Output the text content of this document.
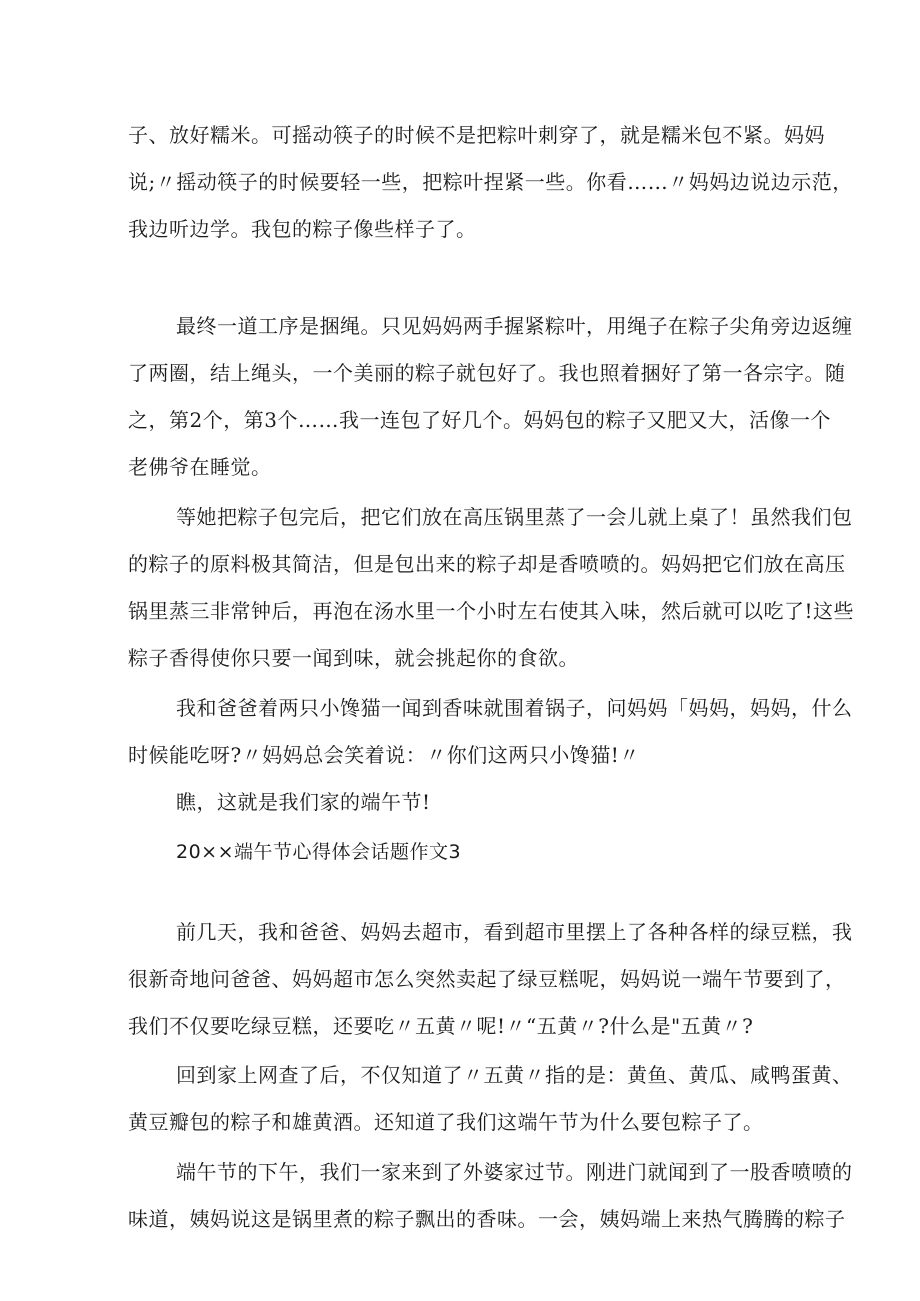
子、放好糯米。可摇动筷子的时候不是把粽叶刺穿了，就是糯米包不紧。妈妈
说;〃摇动筷子的时候要轻一些，把粽叶捏紧一些。你看……〃妈妈边说边示范，
我边听边学。我包的粽子像些样子了。
最终一道工序是捆绳。只见妈妈两手握紧粽叶，用绳子在粽子尖角旁边返缠
了两圈，结上绳头，一个美丽的粽子就包好了。我也照着捆好了第一各宗字。随
之，第2个，第3个……我一连包了好几个。妈妈包的粽子又肥又大，活像一个
老佛爷在睡觉。
等她把粽子包完后，把它们放在高压锅里蒸了一会儿就上桌了！虽然我们包
的粽子的原料极其简洁，但是包出来的粽子却是香喷喷的。妈妈把它们放在高压
锅里蒸三非常钟后，再泡在汤水里一个小时左右使其入味，然后就可以吃了!这些
粽子香得使你只要一闻到味，就会挑起你的食欲。
我和爸爸着两只小馋猫一闻到香味就围着锅子，问妈妈「妈妈，妈妈，什么
时候能吃呀?〃妈妈总会笑着说：〃你们这两只小馋猫!〃
瞧，这就是我们家的端午节!
20××端午节心得体会话题作文3
前几天，我和爸爸、妈妈去超市，看到超市里摆上了各种各样的绿豆糕，我
很新奇地问爸爸、妈妈超市怎么突然卖起了绿豆糕呢，妈妈说一端午节要到了，
我们不仅要吃绿豆糕，还要吃〃五黄〃呢!〃“五黄〃?什么是"五黄〃?
回到家上网查了后，不仅知道了〃五黄〃指的是：黄鱼、黄瓜、咸鸭蛋黄、
黄豆瓣包的粽子和雄黄酒。还知道了我们这端午节为什么要包粽子了。
端午节的下午，我们一家来到了外婆家过节。刚进门就闻到了一股香喷喷的
味道，姨妈说这是锅里煮的粽子飘出的香味。一会，姨妈端上来热气腾腾的粽子
